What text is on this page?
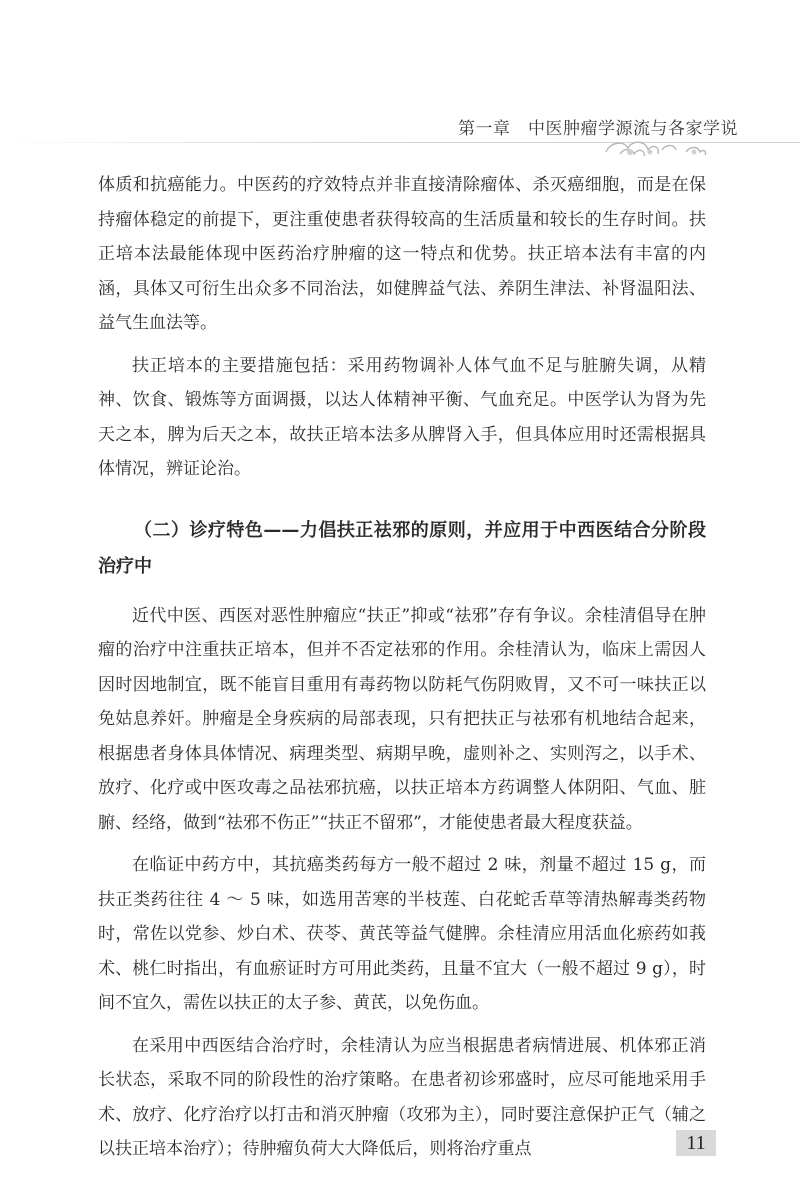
第一章　中医肿瘤学源流与各家学说

体质和抗癌能力。中医药的疗效特点并非直接清除瘤体、杀灭癌细胞，而是在保持瘤体稳定的前提下，更注重使患者获得较高的生活质量和较长的生存时间。扶正培本法最能体现中医药治疗肿瘤的这一特点和优势。扶正培本法有丰富的内涵，具体又可衍生出众多不同治法，如健脾益气法、养阴生津法、补肾温阳法、益气生血法等。

扶正培本的主要措施包括：采用药物调补人体气血不足与脏腑失调，从精神、饮食、锻炼等方面调摄，以达人体精神平衡、气血充足。中医学认为肾为先天之本，脾为后天之本，故扶正培本法多从脾肾入手，但具体应用时还需根据具体情况，辨证论治。

（二）诊疗特色——力倡扶正祛邪的原则，并应用于中西医结合分阶段治疗中

近代中医、西医对恶性肿瘤应“扶正”抑或“祛邪”存有争议。余桂清倡导在肿瘤的治疗中注重扶正培本，但并不否定祛邪的作用。余桂清认为，临床上需因人因时因地制宜，既不能盲目重用有毒药物以防耗气伤阴败胃，又不可一味扶正以免姑息养奸。肿瘤是全身疾病的局部表现，只有把扶正与祛邪有机地结合起来，根据患者身体具体情况、病理类型、病期早晚，虚则补之、实则泻之，以手术、放疗、化疗或中医攻毒之品祛邪抗癌，以扶正培本方药调整人体阴阳、气血、脏腑、经络，做到“祛邪不伤正”“扶正不留邪”，才能使患者最大程度获益。

在临证中药方中，其抗癌类药每方一般不超过 2 味，剂量不超过 15 g，而扶正类药往往 4 ～ 5 味，如选用苦寒的半枝莲、白花蛇舌草等清热解毒类药物时，常佐以党参、炒白术、茯苓、黄芪等益气健脾。余桂清应用活血化瘀药如莪术、桃仁时指出，有血瘀证时方可用此类药，且量不宜大（一般不超过 9 g），时间不宜久，需佐以扶正的太子参、黄芪，以免伤血。

在采用中西医结合治疗时，余桂清认为应当根据患者病情进展、机体邪正消长状态，采取不同的阶段性的治疗策略。在患者初诊邪盛时，应尽可能地采用手术、放疗、化疗治疗以打击和消灭肿瘤（攻邪为主），同时要注意保护正气（辅之以扶正培本治疗）；待肿瘤负荷大大降低后，则将治疗重点	11
